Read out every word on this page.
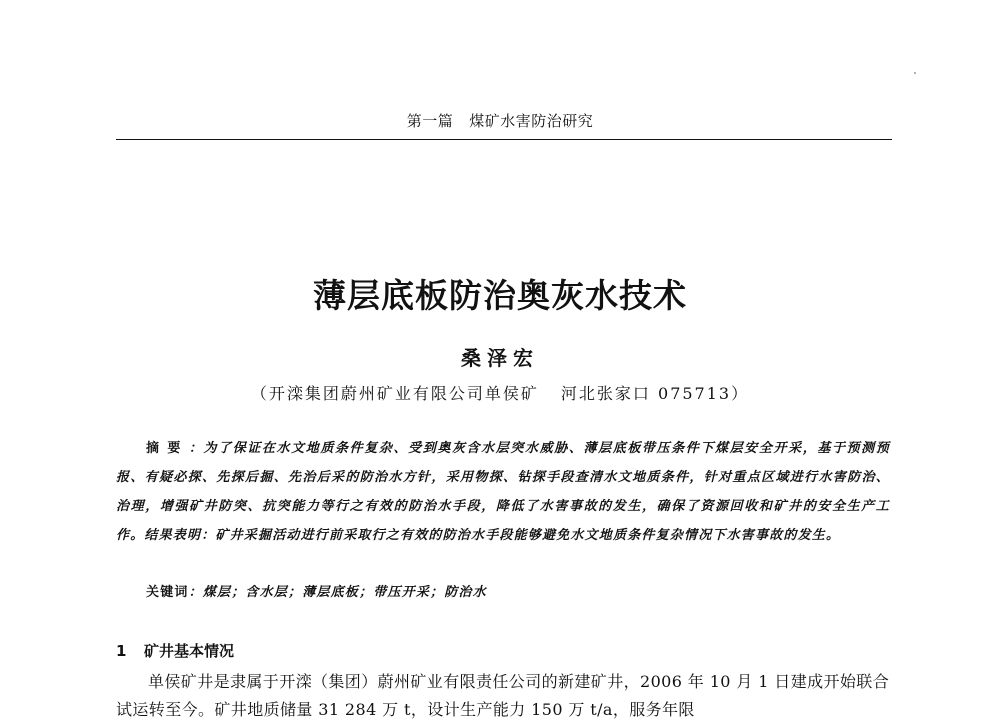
第一篇 煤矿水害防治研究
薄层底板防治奥灰水技术
桑泽宏
（开滦集团蔚州矿业有限公司单侯矿 河北张家口 075713）

摘要：为了保证在水文地质条件复杂、受到奥灰含水层突水威胁、薄层底板带压条件下煤层安全开采，基于预测预报、有疑必探、先探后掘、先治后采的防治水方针，采用物探、钻探手段查清水文地质条件，针对重点区域进行水害防治、治理，增强矿井防突、抗突能力等行之有效的防治水手段，降低了水害事故的发生，确保了资源回收和矿井的安全生产工作。结果表明：矿井采掘活动进行前采取行之有效的防治水手段能够避免水文地质条件复杂情况下水害事故的发生。

关键词：煤层；含水层；薄层底板；带压开采；防治水
1 矿井基本情况

单侯矿井是隶属于开滦（集团）蔚州矿业有限责任公司的新建矿井，2006 年 10 月 1 日建成开始联合试运转至今。矿井地质储量 31 284 万 t，设计生产能力 150 万 t/a，服务年限
